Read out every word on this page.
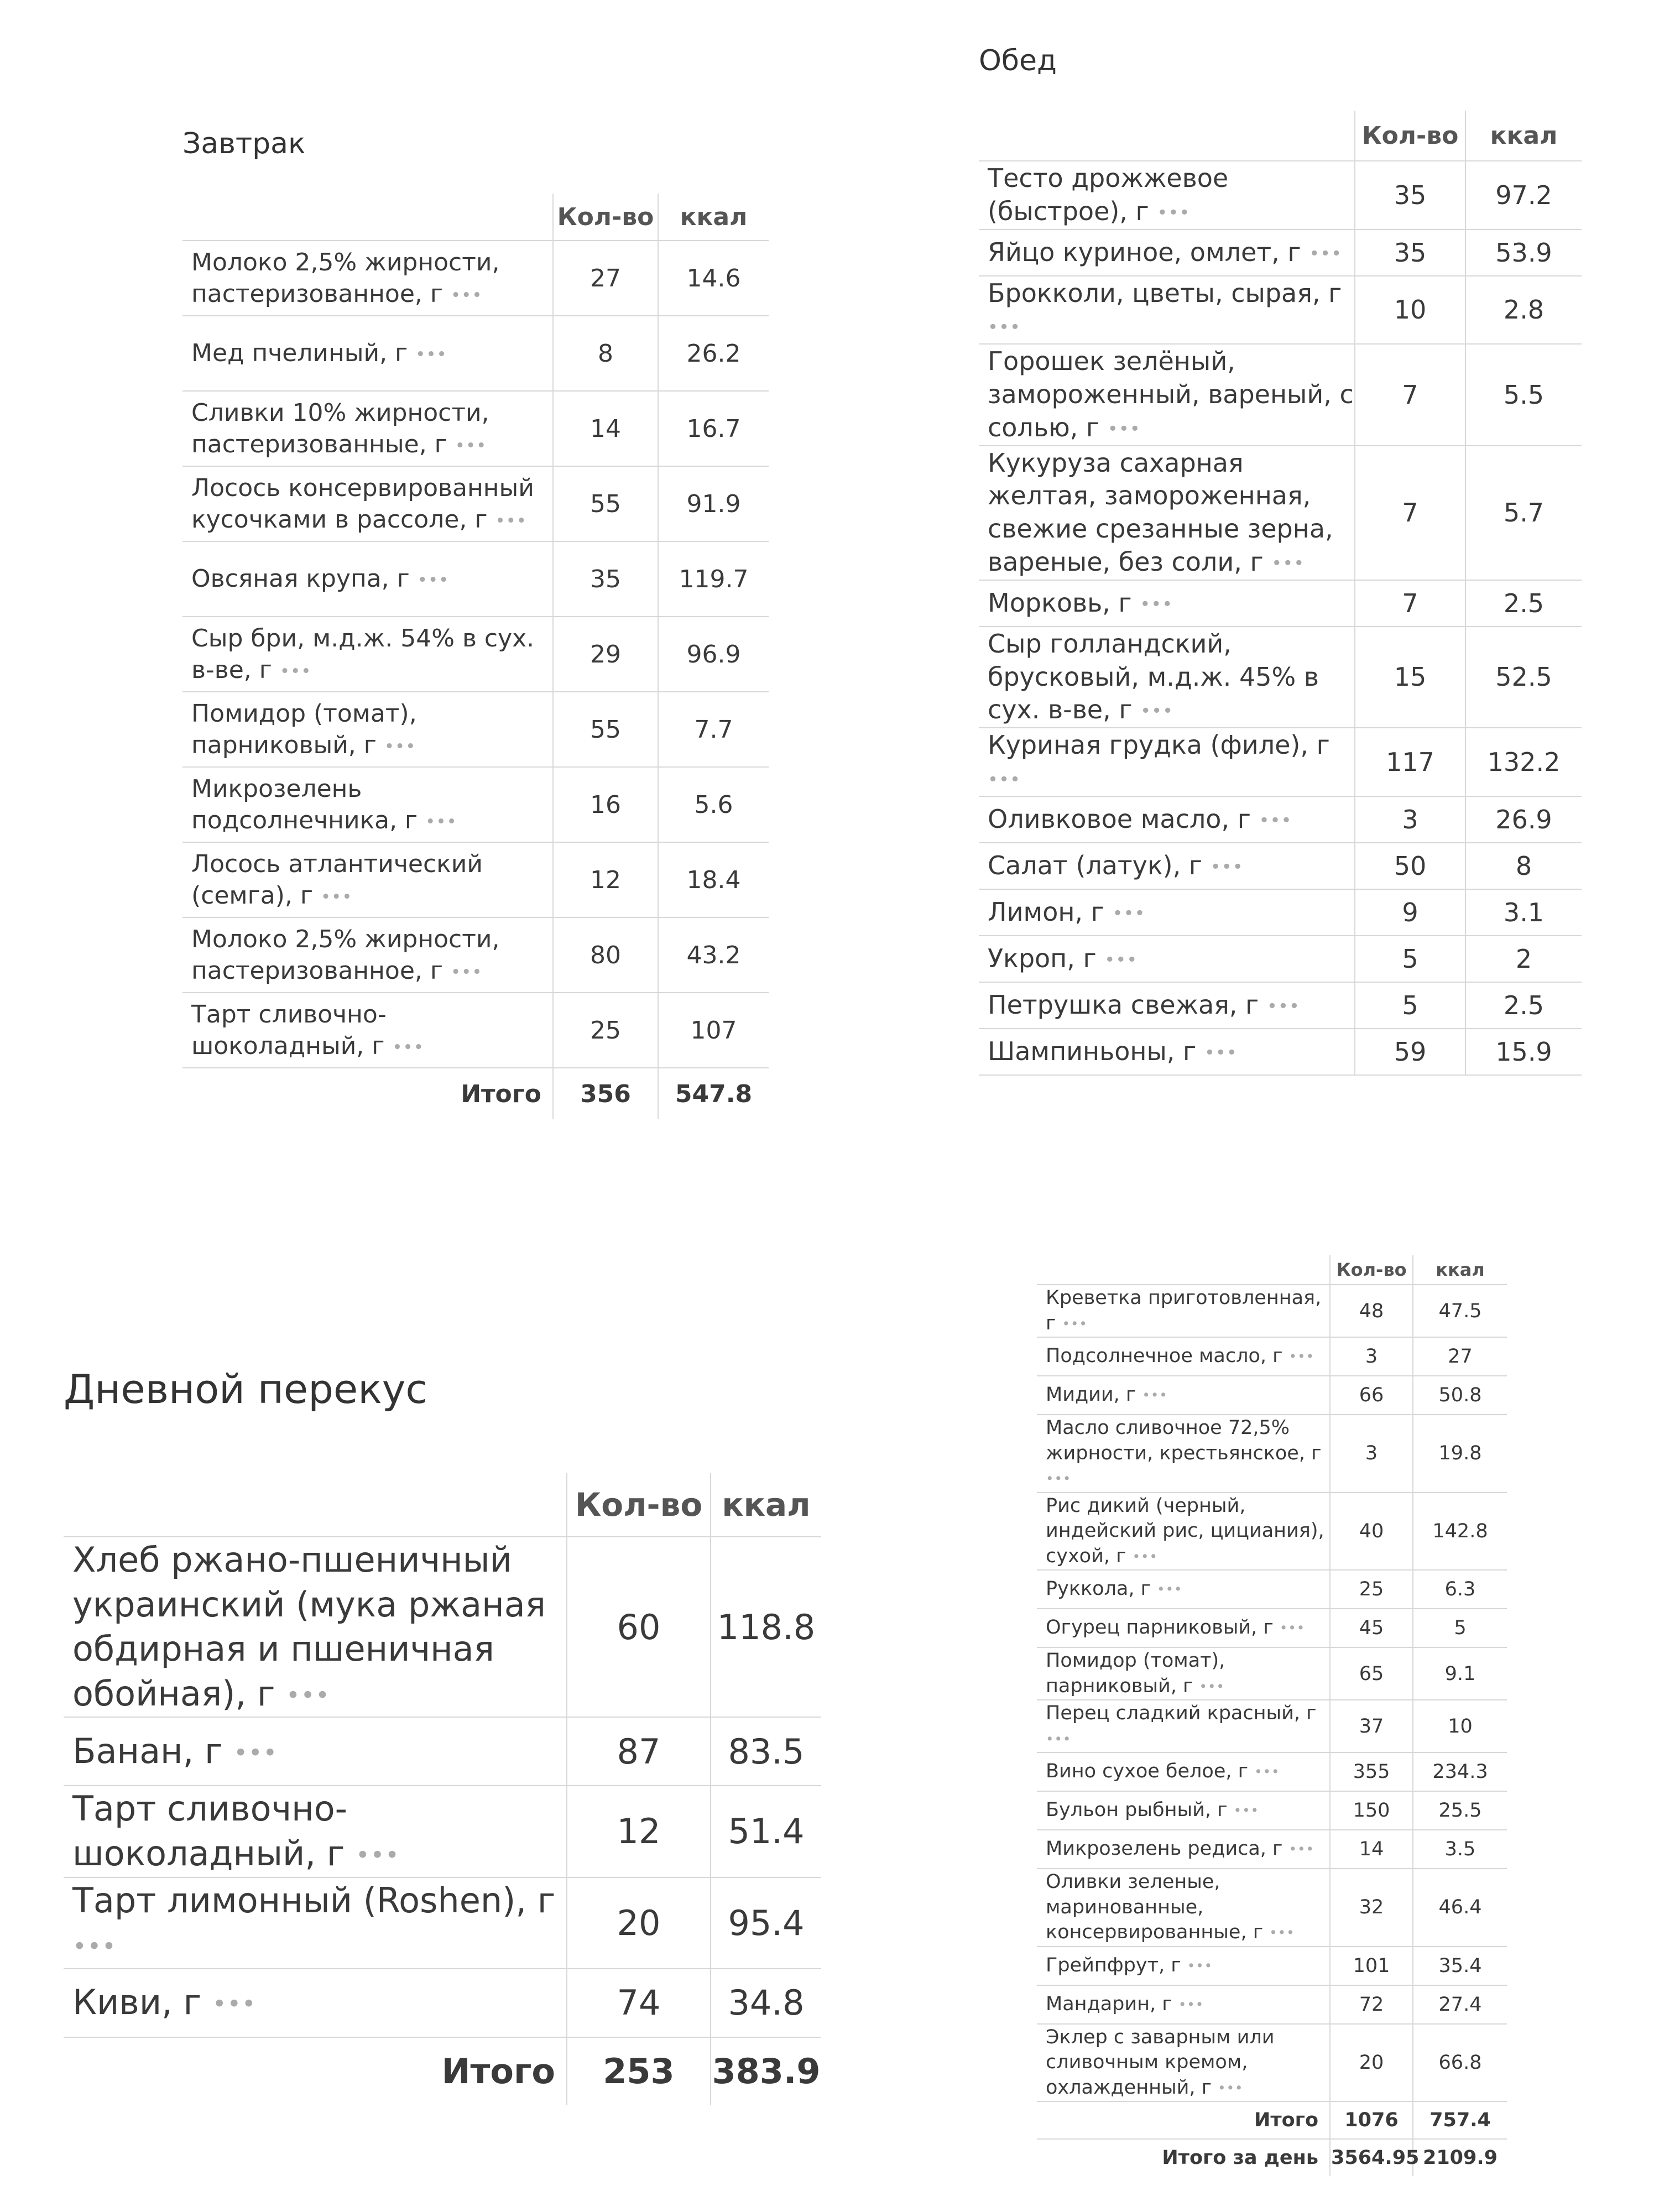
Завтрак
	Кол-во	ккал
Молоко 2,5% жирности, пастеризованное, г •••	27	14.6
Мед пчелиный, г •••	8	26.2
Сливки 10% жирности, пастеризованные, г •••	14	16.7
Лосось консервированный кусочками в рассоле, г •••	55	91.9
Овсяная крупа, г •••	35	119.7
Сыр бри, м.д.ж. 54% в сух. в-ве, г •••	29	96.9
Помидор (томат), парниковый, г •••	55	7.7
Микрозелень подсолнечника, г •••	16	5.6
Лосось атлантический (семга), г •••	12	18.4
Молоко 2,5% жирности, пастеризованное, г •••	80	43.2
Тарт сливочно-шоколадный, г •••	25	107
Итого	356	547.8
Обед
	Кол-во	ккал
Тесто дрожжевое (быстрое), г •••	35	97.2
Яйцо куриное, омлет, г •••	35	53.9
Брокколи, цветы, сырая, г •••	10	2.8
Горошек зелёный, замороженный, вареный, с солью, г •••	7	5.5
Кукуруза сахарная желтая, замороженная, свежие срезанные зерна, вареные, без соли, г •••	7	5.7
Морковь, г •••	7	2.5
Сыр голландский, брусковый, м.д.ж. 45% в сух. в-ве, г •••	15	52.5
Куриная грудка (филе), г •••	117	132.2
Оливковое масло, г •••	3	26.9
Салат (латук), г •••	50	8
Лимон, г •••	9	3.1
Укроп, г •••	5	2
Петрушка свежая, г •••	5	2.5
Шампиньоны, г •••	59	15.9
Дневной перекус
	Кол-во	ккал
Хлеб ржано-пшеничный украинский (мука ржаная обдирная и пшеничная обойная), г •••	60	118.8
Банан, г •••	87	83.5
Тарт сливочно-шоколадный, г •••	12	51.4
Тарт лимонный (Roshen), г •••	20	95.4
Киви, г •••	74	34.8
Итого	253	383.9
	Кол-во	ккал
Креветка приготовленная, г •••	48	47.5
Подсолнечное масло, г •••	3	27
Мидии, г •••	66	50.8
Масло сливочное 72,5% жирности, крестьянское, г •••	3	19.8
Рис дикий (черный, индейский рис, цициания), сухой, г •••	40	142.8
Руккола, г •••	25	6.3
Огурец парниковый, г •••	45	5
Помидор (томат), парниковый, г •••	65	9.1
Перец сладкий красный, г •••	37	10
Вино сухое белое, г •••	355	234.3
Бульон рыбный, г •••	150	25.5
Микрозелень редиса, г •••	14	3.5
Оливки зеленые, маринованные, консервированные, г •••	32	46.4
Грейпфрут, г •••	101	35.4
Мандарин, г •••	72	27.4
Эклер с заварным или сливочным кремом, охлажденный, г •••	20	66.8
Итого	1076	757.4
Итого за день	3564.95	2109.9
